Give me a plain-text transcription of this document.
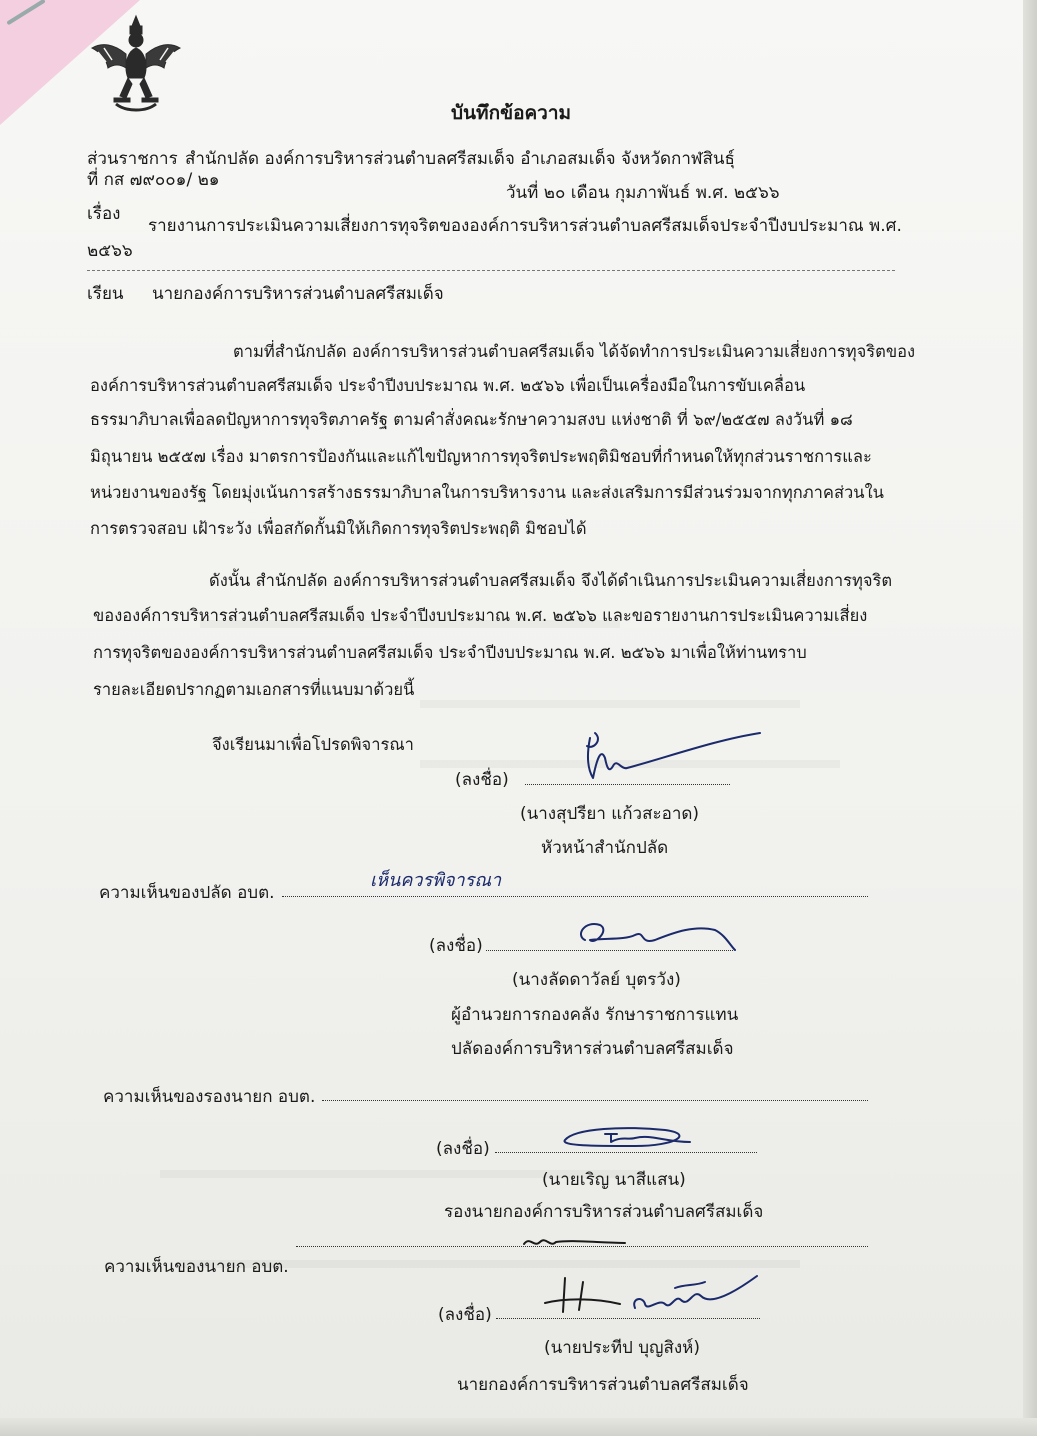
บันทึกข้อความ
ส่วนราชการ สำนักปลัด องค์การบริหารส่วนตำบลศรีสมเด็จ อำเภอสมเด็จ จังหวัดกาฬสินธุ์
ที่ กส ๗๙๐๐๑/ ๒๑
วันที่ ๒๐ เดือน กุมภาพันธ์ พ.ศ. ๒๕๖๖
เรื่อง
รายงานการประเมินความเสี่ยงการทุจริตขององค์การบริหารส่วนตำบลศรีสมเด็จประจำปีงบประมาณ พ.ศ.
๒๕๖๖
เรียน นายกองค์การบริหารส่วนตำบลศรีสมเด็จ
ตามที่สำนักปลัด องค์การบริหารส่วนตำบลศรีสมเด็จ ได้จัดทำการประเมินความเสี่ยงการทุจริตของ
องค์การบริหารส่วนตำบลศรีสมเด็จ ประจำปีงบประมาณ พ.ศ. ๒๕๖๖ เพื่อเป็นเครื่องมือในการขับเคลื่อน
ธรรมาภิบาลเพื่อลดปัญหาการทุจริตภาครัฐ ตามคำสั่งคณะรักษาความสงบ แห่งชาติ ที่ ๖๙/๒๕๕๗ ลงวันที่ ๑๘
มิถุนายน ๒๕๕๗ เรื่อง มาตรการป้องกันและแก้ไขปัญหาการทุจริตประพฤติมิชอบที่กำหนดให้ทุกส่วนราชการและ
หน่วยงานของรัฐ โดยมุ่งเน้นการสร้างธรรมาภิบาลในการบริหารงาน และส่งเสริมการมีส่วนร่วมจากทุกภาคส่วนใน
การตรวจสอบ เฝ้าระวัง เพื่อสกัดกั้นมิให้เกิดการทุจริตประพฤติ มิชอบได้
ดังนั้น สำนักปลัด องค์การบริหารส่วนตำบลศรีสมเด็จ จึงได้ดำเนินการประเมินความเสี่ยงการทุจริต
ขององค์การบริหารส่วนตำบลศรีสมเด็จ ประจำปีงบประมาณ พ.ศ. ๒๕๖๖ และขอรายงานการประเมินความเสี่ยง
การทุจริตขององค์การบริหารส่วนตำบลศรีสมเด็จ ประจำปีงบประมาณ พ.ศ. ๒๕๖๖ มาเพื่อให้ท่านทราบ
รายละเอียดปรากฏตามเอกสารที่แนบมาด้วยนี้
จึงเรียนมาเพื่อโปรดพิจารณา
(ลงชื่อ)
(นางสุปรียา แก้วสะอาด)
หัวหน้าสำนักปลัด
ความเห็นของปลัด อบต.
เห็นควรพิจารณา
(ลงชื่อ)
(นางลัดดาวัลย์ บุตรวัง)
ผู้อำนวยการกองคลัง รักษาราชการแทน
ปลัดองค์การบริหารส่วนตำบลศรีสมเด็จ
ความเห็นของรองนายก อบต.
(ลงชื่อ)
(นายเริญ นาสีแสน)
รองนายกองค์การบริหารส่วนตำบลศรีสมเด็จ
ความเห็นของนายก อบต.
(ลงชื่อ)
(นายประทีป บุญสิงห์)
นายกองค์การบริหารส่วนตำบลศรีสมเด็จ
